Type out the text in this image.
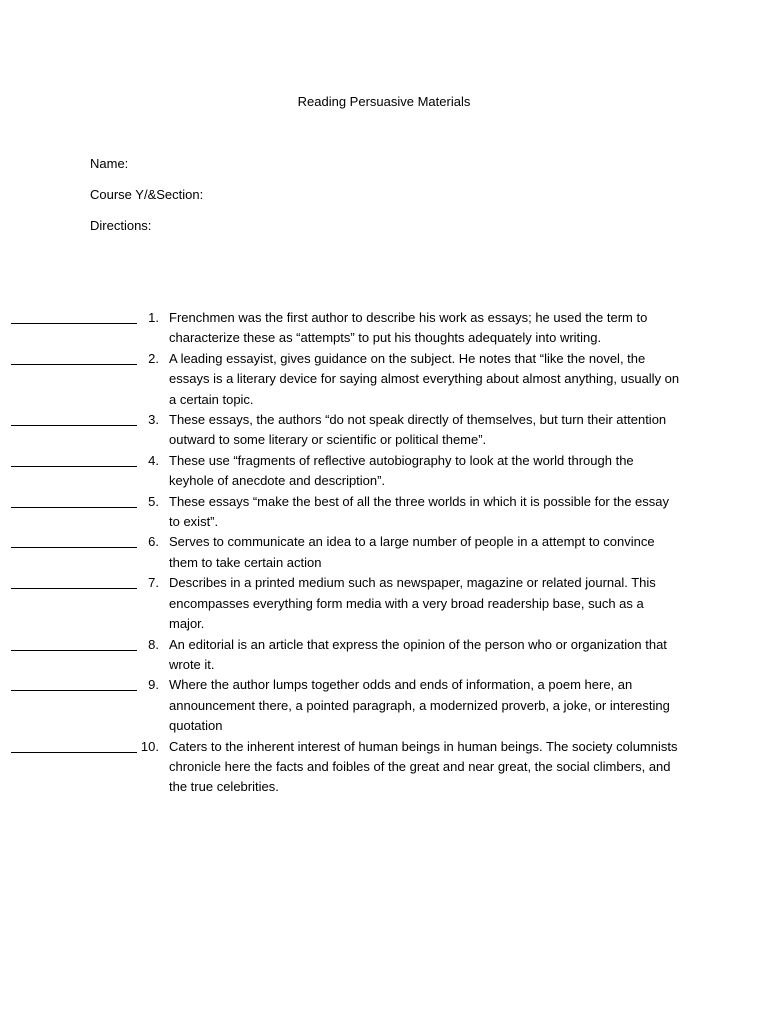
Reading Persuasive Materials
Name:
Course Y/&Section:
Directions:
1. Frenchmen was the first author to describe his work as essays; he used the term to characterize these as “attempts” to put his thoughts adequately into writing.
2. A leading essayist, gives guidance on the subject. He notes that “like the novel, the essays is a literary device for saying almost everything about almost anything, usually on a certain topic.
3. These essays, the authors “do not speak directly of themselves, but turn their attention outward to some literary or scientific or political theme”.
4. These use “fragments of reflective autobiography to look at the world through the keyhole of anecdote and description”.
5. These essays “make the best of all the three worlds in which it is possible for the essay to exist”.
6. Serves to communicate an idea to a large number of people in a attempt to convince them to take certain action
7. Describes in a printed medium such as newspaper, magazine or related journal. This encompasses everything form media with a very broad readership base, such as a major.
8. An editorial is an article that express the opinion of the person who or organization that wrote it.
9. Where the author lumps together odds and ends of information, a poem here, an announcement there, a pointed paragraph, a modernized proverb, a joke, or interesting quotation
10. Caters to the inherent interest of human beings in human beings. The society columnists chronicle here the facts and foibles of the great and near great, the social climbers, and the true celebrities.
